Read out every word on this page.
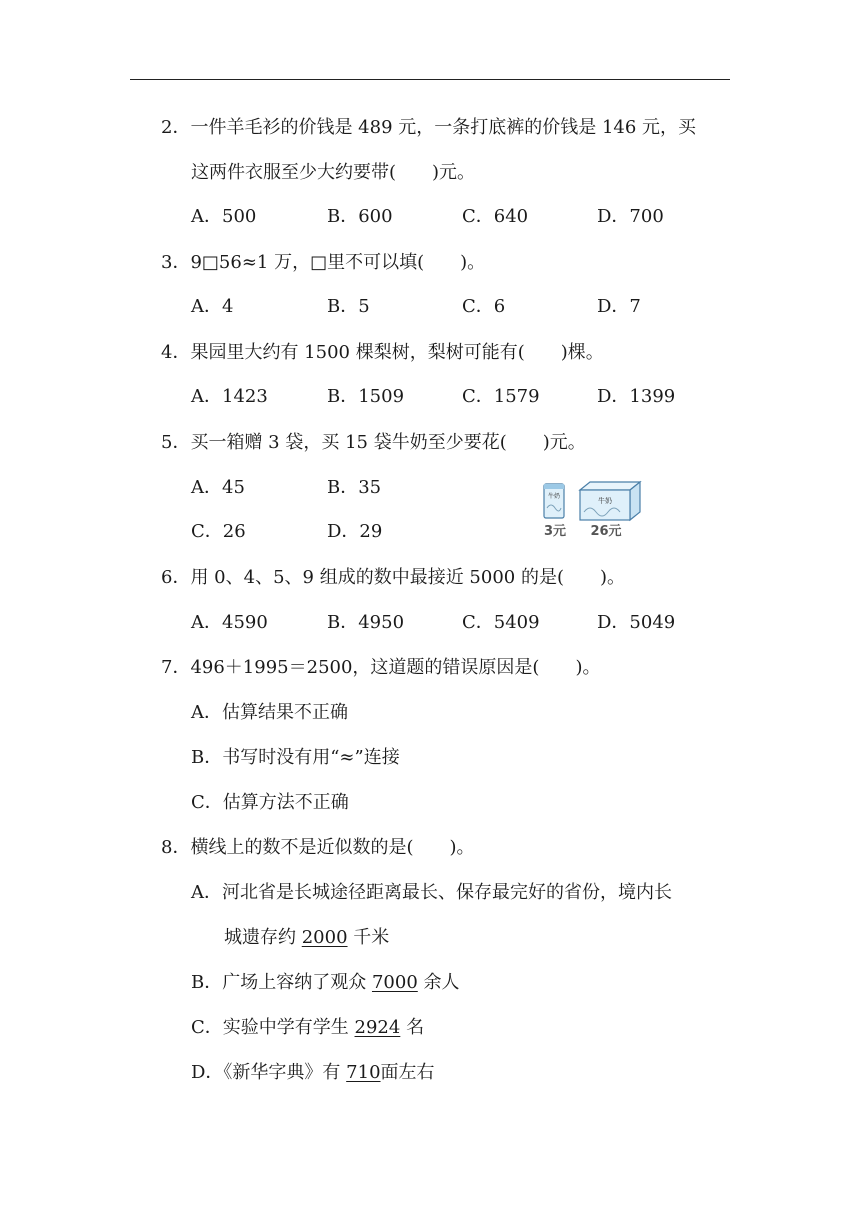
2．一件羊毛衫的价钱是 489 元，一条打底裤的价钱是 146 元，买
这两件衣服至少大约要带(　　)元。
A．500	B．600	C．640	D．700
3．9□56≈1 万，□里不可以填(　　)。
A．4	B．5	C．6	D．7
4．果园里大约有 1500 棵梨树，梨树可能有(　　)棵。
A．1423	B．1509	C．1579	D．1399
5．买一箱赠 3 袋，买 15 袋牛奶至少要花(　　)元。
A．45	B．35
C．26	D．29
牛奶
牛奶
3元 26元
6．用 0、4、5、9 组成的数中最接近 5000 的是(　　)。
A．4590	B．4950	C．5409	D．5049
7．496＋1995＝2500，这道题的错误原因是(　　)。
A．估算结果不正确
B．书写时没有用“≈”连接
C．估算方法不正确
8．横线上的数不是近似数的是(　　)。
A．河北省是长城途径距离最长、保存最完好的省份，境内长
城遗存约 2000 千米
B．广场上容纳了观众 7000 余人
C．实验中学有学生 2924 名
D．《新华字典》有 710面左右
